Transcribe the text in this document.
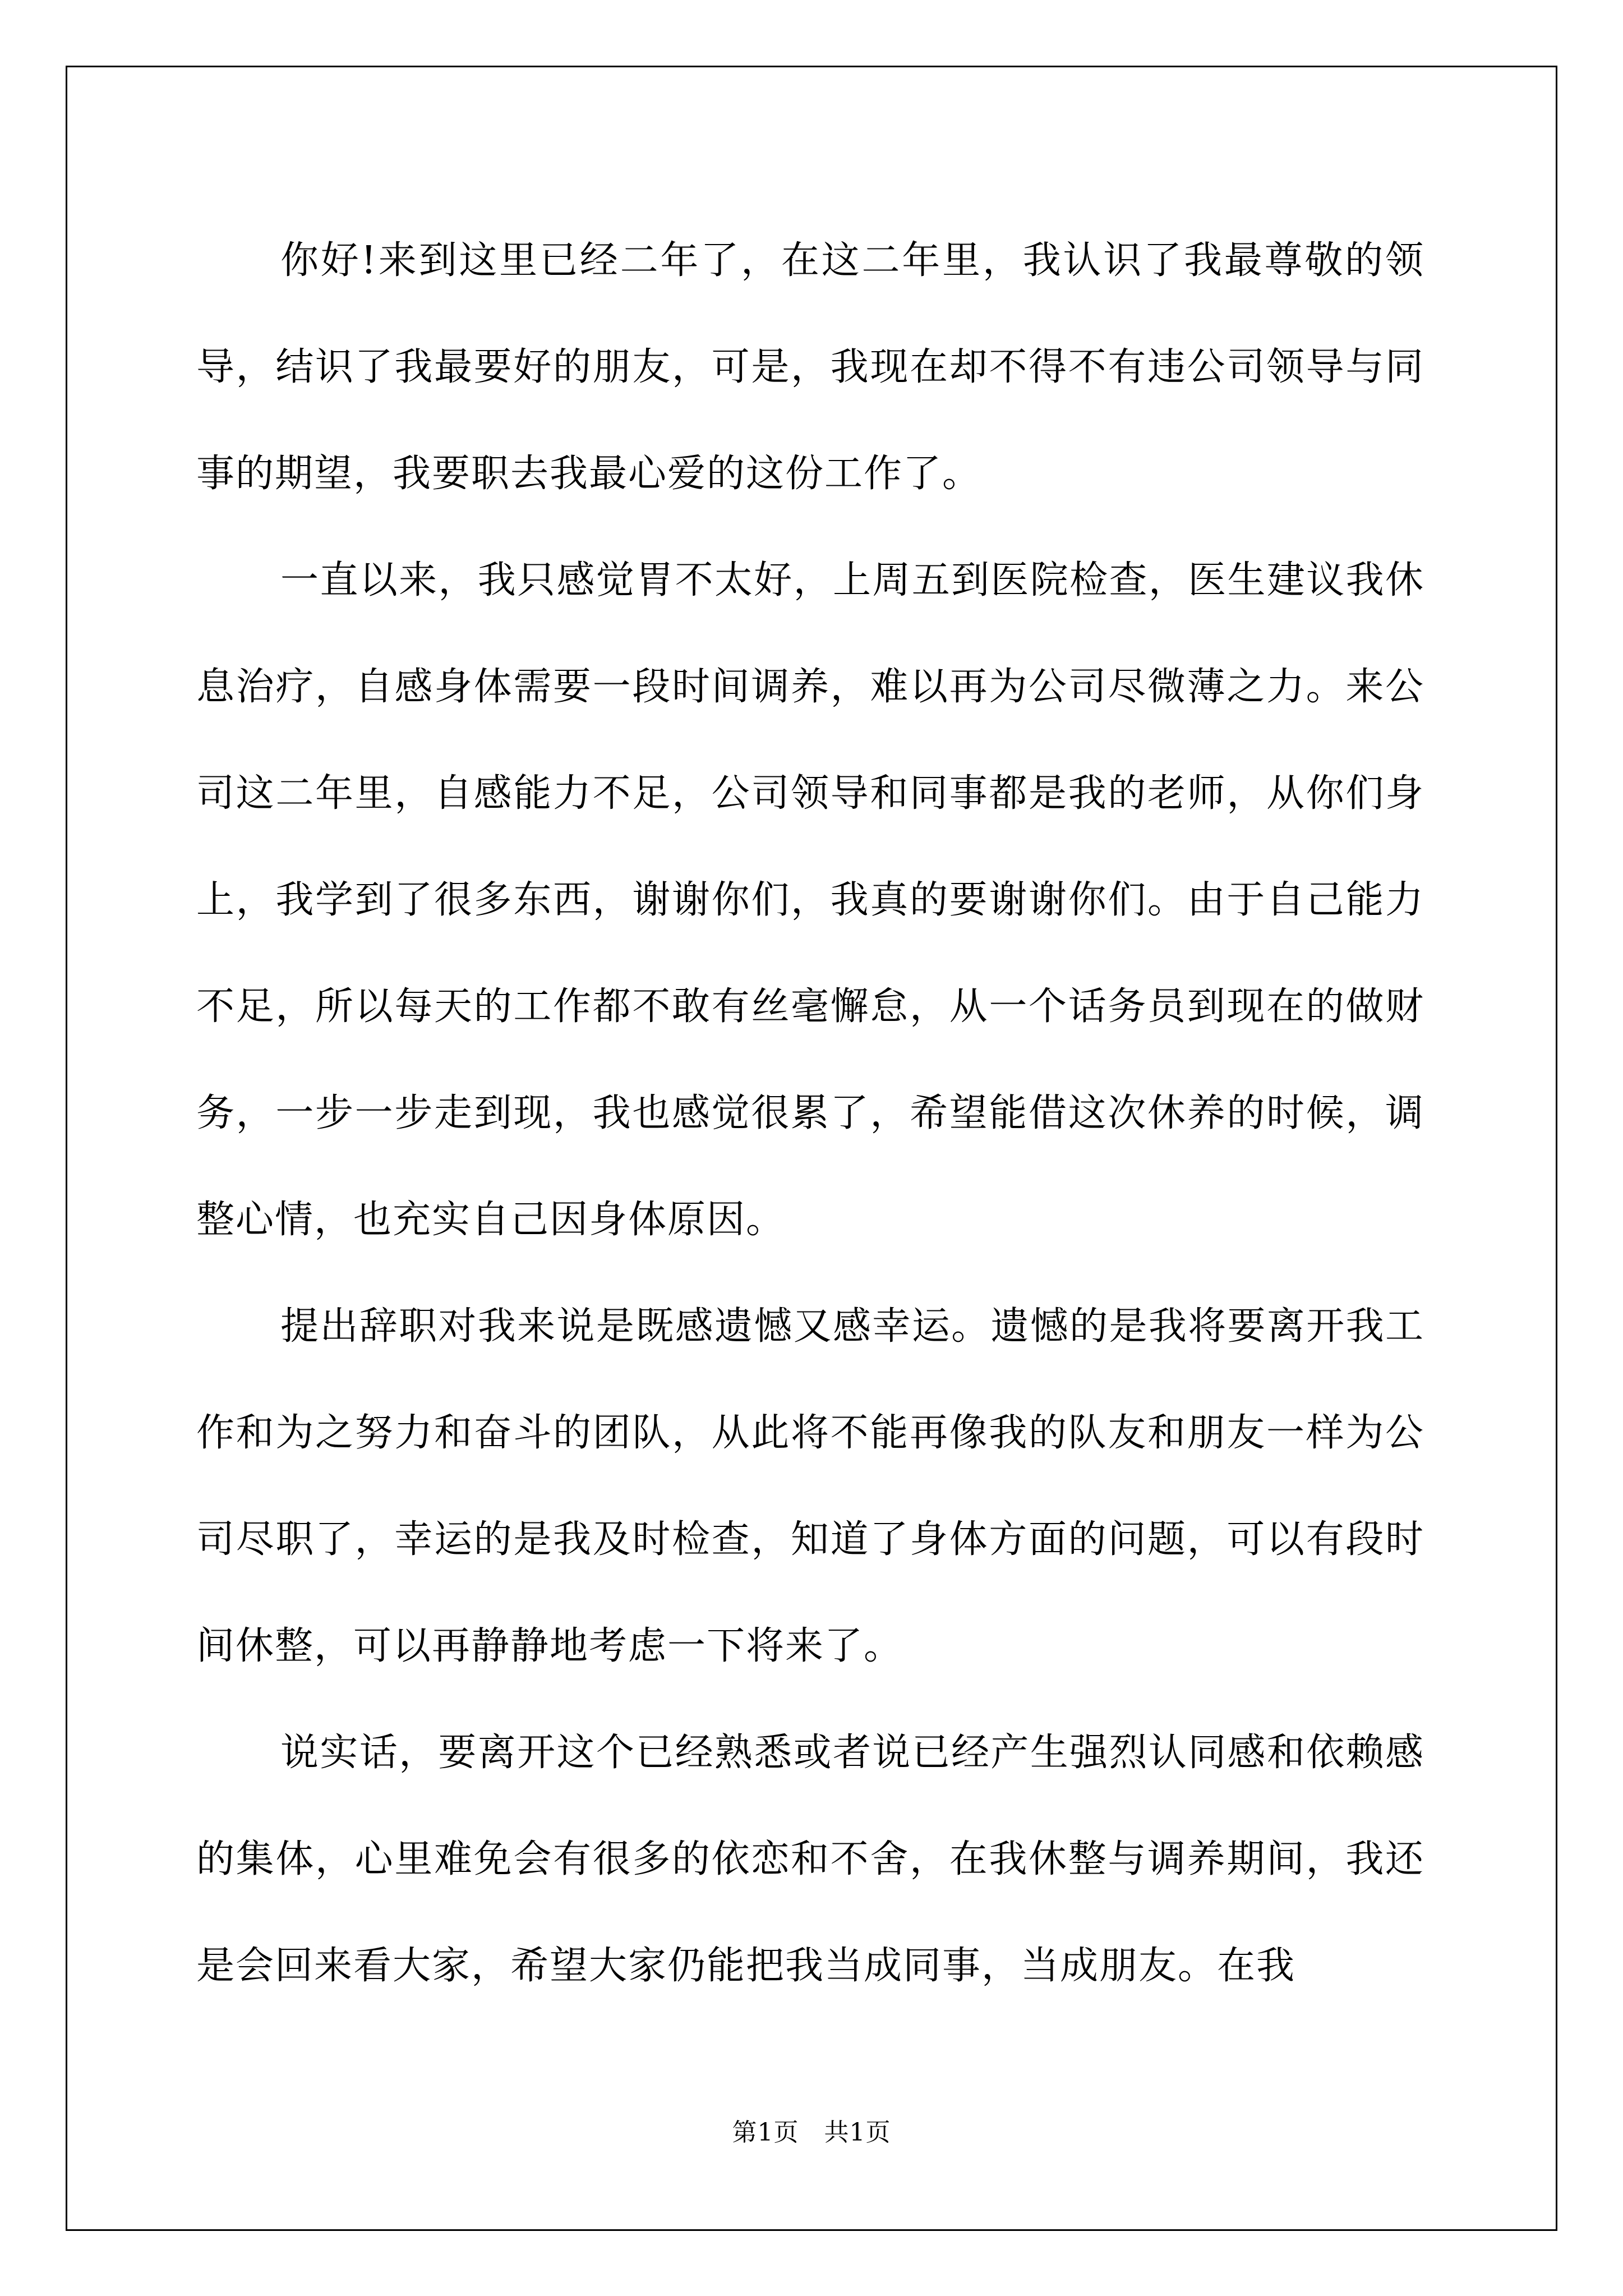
你好!来到这里已经二年了，在这二年里，我认识了我最尊敬的领导，结识了我最要好的朋友，可是，我现在却不得不有违公司领导与同事的期望，我要职去我最心爱的这份工作了。

一直以来，我只感觉胃不太好，上周五到医院检查，医生建议我休息治疗，自感身体需要一段时间调养，难以再为公司尽微薄之力。来公司这二年里，自感能力不足，公司领导和同事都是我的老师，从你们身上，我学到了很多东西，谢谢你们，我真的要谢谢你们。由于自己能力不足，所以每天的工作都不敢有丝毫懈怠，从一个话务员到现在的做财务，一步一步走到现，我也感觉很累了，希望能借这次休养的时候，调整心情，也充实自己因身体原因。

提出辞职对我来说是既感遗憾又感幸运。遗憾的是我将要离开我工作和为之努力和奋斗的团队，从此将不能再像我的队友和朋友一样为公司尽职了，幸运的是我及时检查，知道了身体方面的问题，可以有段时间休整，可以再静静地考虑一下将来了。

说实话，要离开这个已经熟悉或者说已经产生强烈认同感和依赖感的集体，心里难免会有很多的依恋和不舍，在我休整与调养期间，我还是会回来看大家，希望大家仍能把我当成同事，当成朋友。在我

第1页   共1页
